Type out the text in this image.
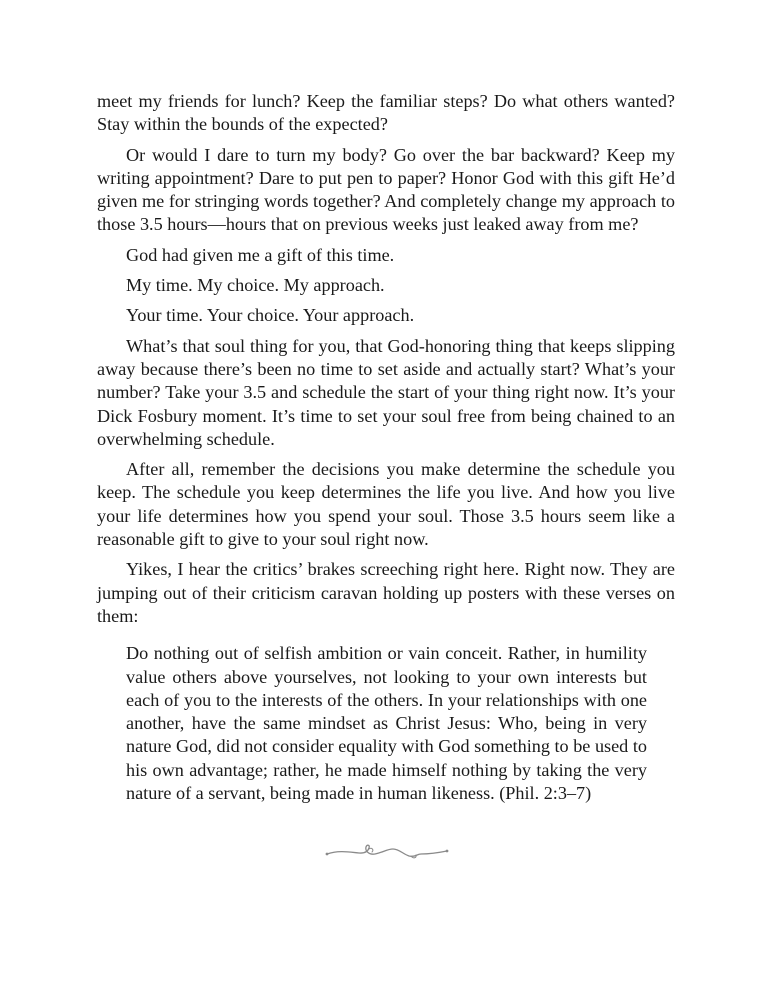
meet my friends for lunch? Keep the familiar steps? Do what others wanted? Stay within the bounds of the expected?

Or would I dare to turn my body? Go over the bar backward? Keep my writing appointment? Dare to put pen to paper? Honor God with this gift He’d given me for stringing words together? And completely change my approach to those 3.5 hours—hours that on previous weeks just leaked away from me?

God had given me a gift of this time.

My time. My choice. My approach.

Your time. Your choice. Your approach.

What’s that soul thing for you, that God-honoring thing that keeps slipping away because there’s been no time to set aside and actually start? What’s your number? Take your 3.5 and schedule the start of your thing right now. It’s your Dick Fosbury moment. It’s time to set your soul free from being chained to an overwhelming schedule.

After all, remember the decisions you make determine the schedule you keep. The schedule you keep determines the life you live. And how you live your life determines how you spend your soul. Those 3.5 hours seem like a reasonable gift to give to your soul right now.

Yikes, I hear the critics’ brakes screeching right here. Right now. They are jumping out of their criticism caravan holding up posters with these verses on them:

Do nothing out of selfish ambition or vain conceit. Rather, in humility value others above yourselves, not looking to your own interests but each of you to the interests of the others. In your relationships with one another, have the same mindset as Christ Jesus: Who, being in very nature God, did not consider equality with God something to be used to his own advantage; rather, he made himself nothing by taking the very nature of a servant, being made in human likeness. (Phil. 2:3–7)
